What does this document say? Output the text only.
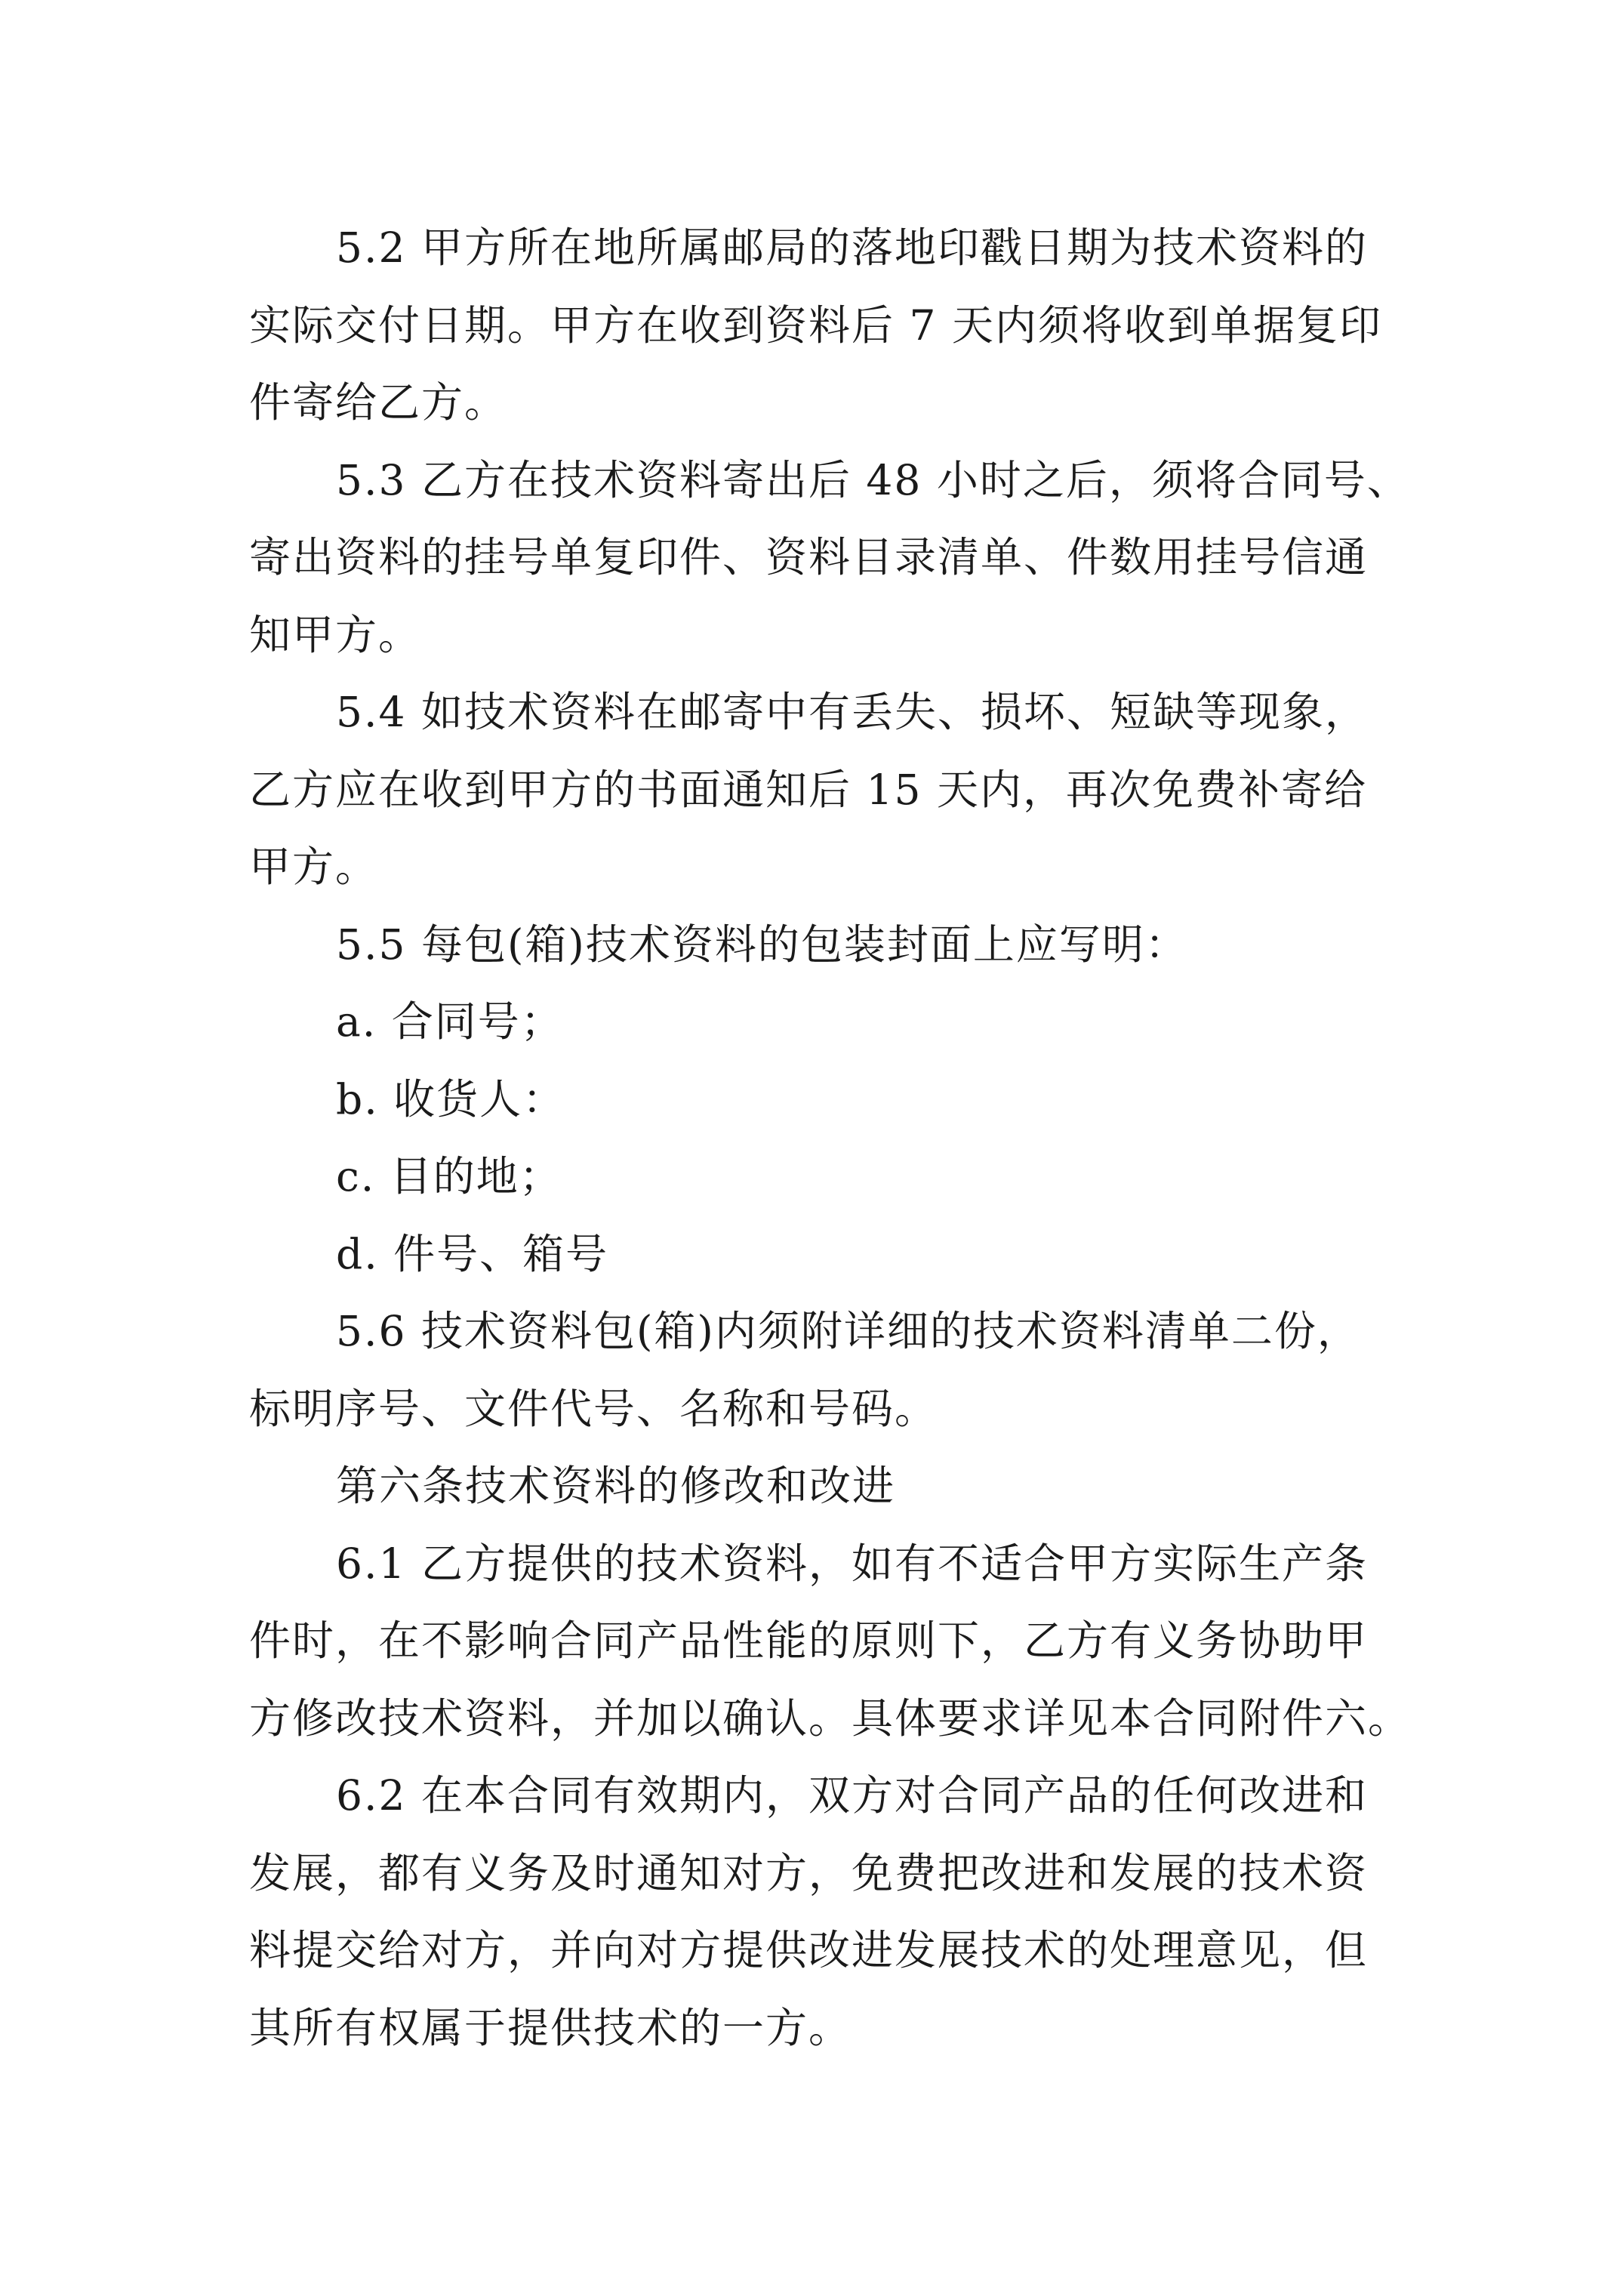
5.2 甲方所在地所属邮局的落地印戳日期为技术资料的
实际交付日期。甲方在收到资料后 7 天内须将收到单据复印
件寄给乙方。
5.3 乙方在技术资料寄出后 48 小时之后，须将合同号、
寄出资料的挂号单复印件、资料目录清单、件数用挂号信通
知甲方。
5.4 如技术资料在邮寄中有丢失、损坏、短缺等现象，
乙方应在收到甲方的书面通知后 15 天内，再次免费补寄给
甲方。
5.5 每包(箱)技术资料的包装封面上应写明：
a. 合同号；
b. 收货人：
c. 目的地；
d. 件号、箱号
5.6 技术资料包(箱)内须附详细的技术资料清单二份，
标明序号、文件代号、名称和号码。
第六条技术资料的修改和改进
6.1 乙方提供的技术资料，如有不适合甲方实际生产条
件时，在不影响合同产品性能的原则下，乙方有义务协助甲
方修改技术资料，并加以确认。具体要求详见本合同附件六。
6.2 在本合同有效期内，双方对合同产品的任何改进和
发展，都有义务及时通知对方，免费把改进和发展的技术资
料提交给对方，并向对方提供改进发展技术的处理意见，但
其所有权属于提供技术的一方。
